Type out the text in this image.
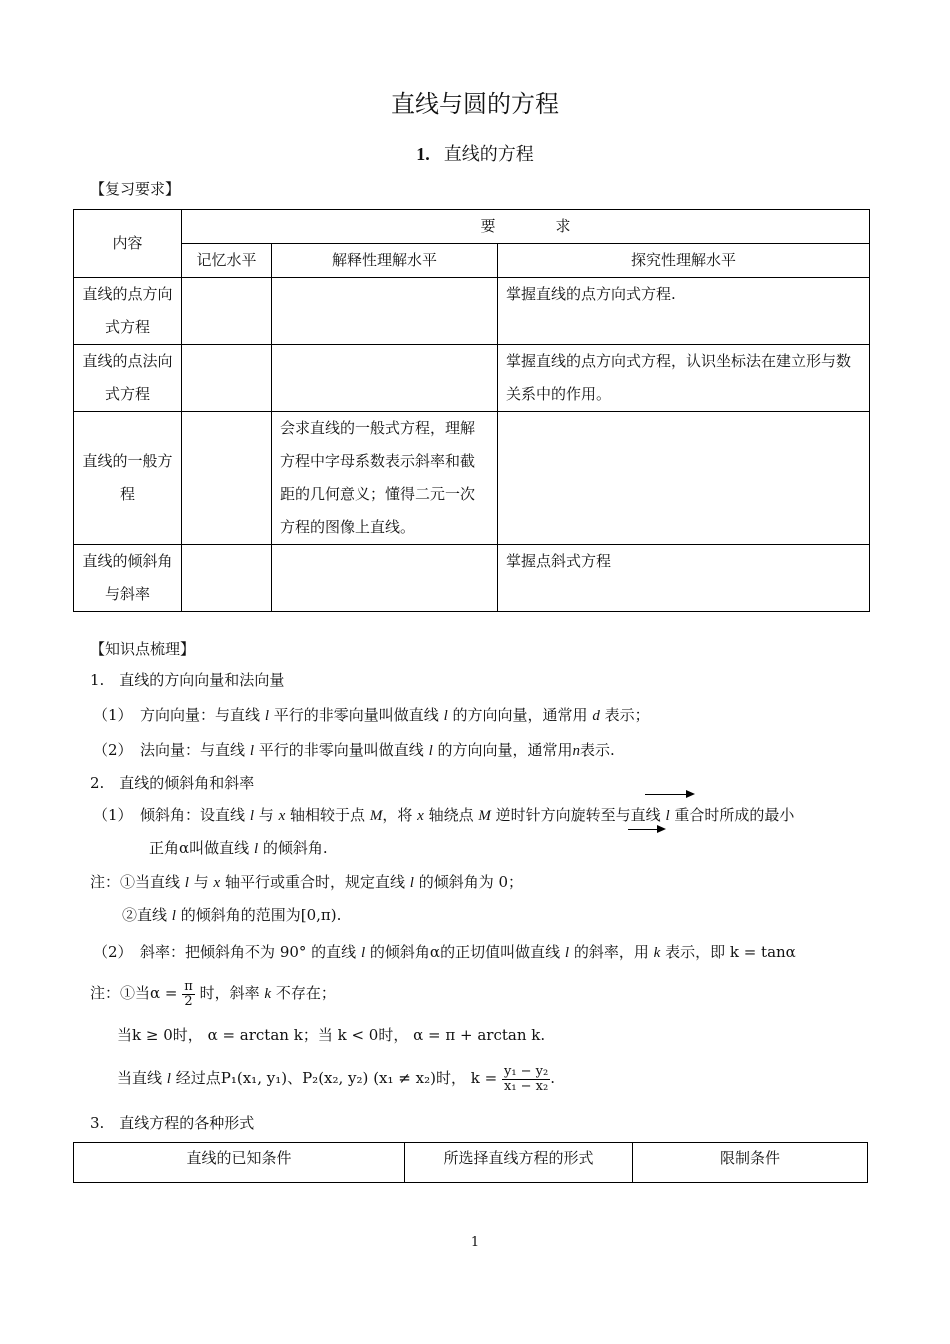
直线与圆的方程
1. 直线的方程
【复习要求】
内容	要　　　　求		
	记忆水平	解释性理解水平	探究性理解水平
直线的点方向式方程			掌握直线的点方向式方程.
直线的点法向式方程			掌握直线的点方向式方程，认识坐标法在建立形与数关系中的作用。
直线的一般方程		会求直线的一般式方程，理解方程中字母系数表示斜率和截距的几何意义；懂得二元一次方程的图像上直线。	
直线的倾斜角与斜率			掌握点斜式方程
【知识点梳理】
1.　直线的方向向量和法向量
（1）　方向向量：与直线 l 平行的非零向量叫做直线 l 的方向向量，通常用 d 表示；
（2）　法向量：与直线 l 平行的非零向量叫做直线 l 的方向向量，通常用n表示.
2.　直线的倾斜角和斜率
（1）　倾斜角：设直线 l 与 x 轴相较于点 M，将 x 轴绕点 M 逆时针方向旋转至与直线 l 重合时所成的最小
正角α叫做直线 l 的倾斜角.
注：①当直线 l 与 x 轴平行或重合时，规定直线 l 的倾斜角为 0；
②直线 l 的倾斜角的范围为[0,π).
（2）　斜率：把倾斜角不为 90° 的直线 l 的倾斜角α的正切值叫做直线 l 的斜率，用 k 表示，即 k = tanα
注：①当$\alpha = \frac{\pi}{2}$ 时，斜率 k 不存在；
当k ≥ 0时， α = arctan k；当 k < 0时， α = π + arctan k.
当直线 l 经过点P₁(x₁, y₁)、P₂(x₂, y₂) (x₁ ≠ x₂)时， $k = \frac{\text{y₁ − y₂}}{\text{x₁ − x₂}}$ .
3.　直线方程的各种形式
直线的已知条件	所选择直线方程的形式	限制条件
1
